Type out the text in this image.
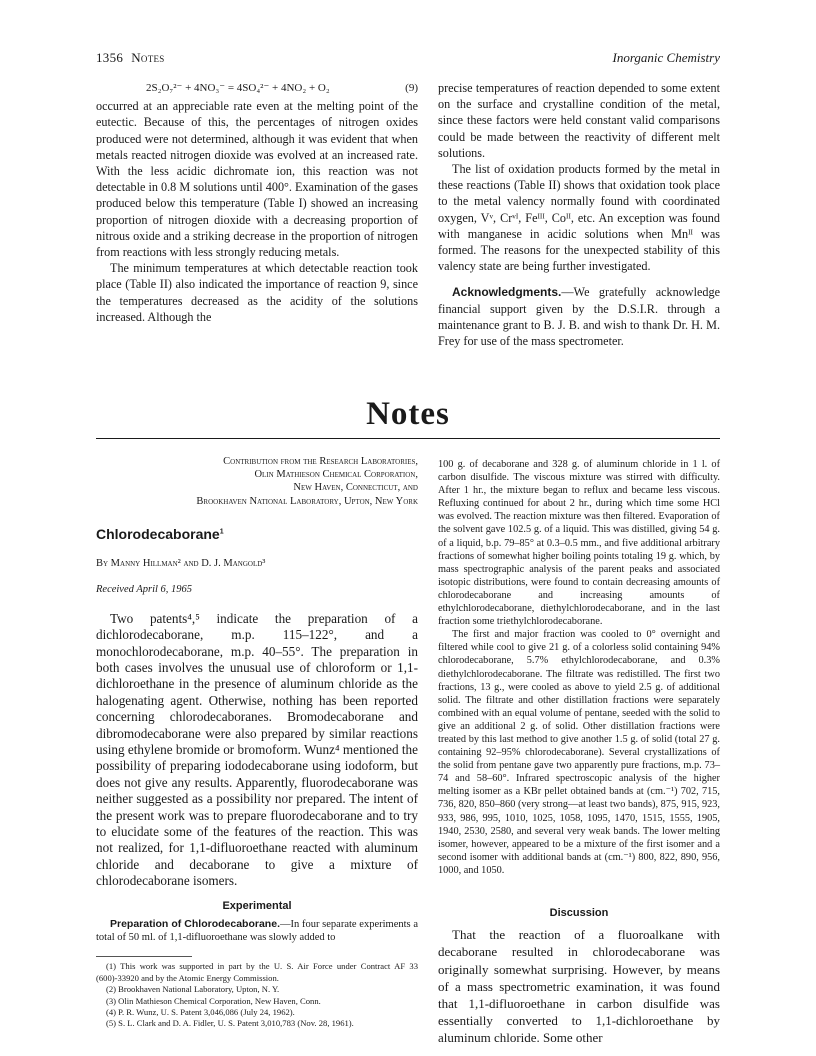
1356 Notes	Inorganic Chemistry
2S₂O₇²⁻ + 4NO₃⁻ = 4SO₄²⁻ + 4NO₂ + O₂	(9)

occurred at an appreciable rate even at the melting point of the eutectic. Because of this, the percentages of nitrogen oxides produced were not determined, although it was evident that when metals reacted nitrogen dioxide was evolved at an increased rate. With the less acidic dichromate ion, this reaction was not detectable in 0.8 M solutions until 400°. Examination of the gases produced below this temperature (Table I) showed an increasing proportion of nitrogen dioxide with a decreasing proportion of nitrous oxide and a striking decrease in the proportion of nitrogen from reactions with less strongly reducing metals.

The minimum temperatures at which detectable reaction took place (Table II) also indicated the importance of reaction 9, since the temperatures decreased as the acidity of the solutions increased. Although the

precise temperatures of reaction depended to some extent on the surface and crystalline condition of the metal, since these factors were held constant valid comparisons could be made between the reactivity of different melt solutions.

The list of oxidation products formed by the metal in these reactions (Table II) shows that oxidation took place to the metal valency normally found with coordinated oxygen, Vᵛ, Crᵛᴵ, Feᴵᴵᴵ, Coᴵᴵ, etc. An exception was found with manganese in acidic solutions when Mnᴵᴵ was formed. The reasons for the unexpected stability of this valency state are being further investigated.

Acknowledgments.—We gratefully acknowledge financial support given by the D.S.I.R. through a maintenance grant to B. J. B. and wish to thank Dr. H. M. Frey for use of the mass spectrometer.

Notes
Contribution from the Research Laboratories,
Olin Mathieson Chemical Corporation,
New Haven, Connecticut, and
Brookhaven National Laboratory, Upton, New York
Chlorodecaborane$^1$
By Manny Hillman² and D. J. Mangold³
Received April 6, 1965

Two patents⁴,⁵ indicate the preparation of a dichlorodecaborane, m.p. 115–122°, and a monochlorodecaborane, m.p. 40–55°. The preparation in both cases involves the unusual use of chloroform or 1,1-dichloroethane in the presence of aluminum chloride as the halogenating agent. Otherwise, nothing has been reported concerning chlorodecaboranes. Bromodecaborane and dibromodecaborane were also prepared by similar reactions using ethylene bromide or bromoform. Wunz⁴ mentioned the possibility of preparing iododecaborane using iodoform, but does not give any results. Apparently, fluorodecaborane was neither suggested as a possibility nor prepared. The intent of the present work was to prepare fluorodecaborane and to try to elucidate some of the features of the reaction. This was not realized, for 1,1-difluoroethane reacted with aluminum chloride and decaborane to give a mixture of chlorodecaborane isomers.

Experimental

Preparation of Chlorodecaborane.—In four separate experiments a total of 50 ml. of 1,1-difluoroethane was slowly added to

(1) This work was supported in part by the U. S. Air Force under Contract AF 33 (600)-33920 and by the Atomic Energy Commission.
(2) Brookhaven National Laboratory, Upton, N. Y.
(3) Olin Mathieson Chemical Corporation, New Haven, Conn.
(4) P. R. Wunz, U. S. Patent 3,046,086 (July 24, 1962).
(5) S. L. Clark and D. A. Fidler, U. S. Patent 3,010,783 (Nov. 28, 1961).

100 g. of decaborane and 328 g. of aluminum chloride in 1 l. of carbon disulfide. The viscous mixture was stirred with difficulty. After 1 hr., the mixture began to reflux and became less viscous. Refluxing continued for about 2 hr., during which time some HCl was evolved. The reaction mixture was then filtered. Evaporation of the solvent gave 102.5 g. of a liquid. This was distilled, giving 54 g. of a liquid, b.p. 79–85° at 0.3–0.5 mm., and five additional arbitrary fractions of somewhat higher boiling points totaling 19 g. which, by mass spectrographic analysis of the parent peaks and associated isotopic distributions, were found to contain decreasing amounts of chlorodecaborane and increasing amounts of ethylchlorodecaborane, diethylchlorodecaborane, and in the last fraction some triethylchlorodecaborane.

The first and major fraction was cooled to 0° overnight and filtered while cool to give 21 g. of a colorless solid containing 94% chlorodecaborane, 5.7% ethylchlorodecaborane, and 0.3% diethylchlorodecaborane. The filtrate was redistilled. The first two fractions, 13 g., were cooled as above to yield 2.5 g. of additional solid. The filtrate and other distillation fractions were separately combined with an equal volume of pentane, seeded with the solid to give an additional 2 g. of solid. Other distillation fractions were treated by this last method to give another 1.5 g. of solid (total 27 g. containing 92–95% chlorodecaborane). Several crystallizations of the solid from pentane gave two apparently pure fractions, m.p. 73–74 and 58–60°. Infrared spectroscopic analysis of the higher melting isomer as a KBr pellet obtained bands at (cm.⁻¹) 702, 715, 736, 820, 850–860 (very strong—at least two bands), 875, 915, 923, 933, 986, 995, 1010, 1025, 1058, 1095, 1470, 1515, 1555, 1905, 1940, 2530, 2580, and several very weak bands. The lower melting isomer, however, appeared to be a mixture of the first isomer and a second isomer with additional bands at (cm.⁻¹) 800, 822, 890, 956, 1000, and 1050.

Discussion

That the reaction of a fluoroalkane with decaborane resulted in chlorodecaborane was originally somewhat surprising. However, by means of a mass spectrometric examination, it was found that 1,1-difluoroethane in carbon disulfide was essentially converted to 1,1-dichloroethane by aluminum chloride. Some other
